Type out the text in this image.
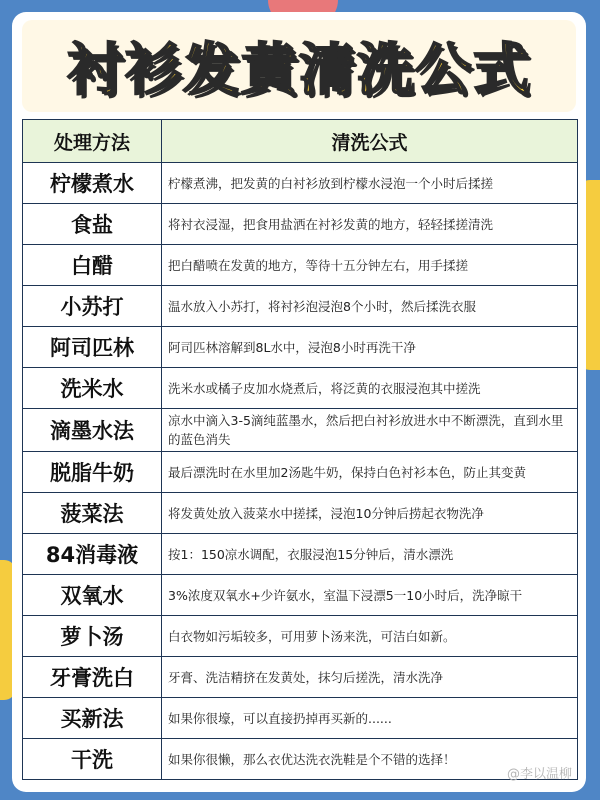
衬衫发黄清洗公式
处理方法	清洗公式
柠檬煮水	柠檬煮沸，把发黄的白衬衫放到柠檬水浸泡一个小时后揉搓
食盐	将衬衣浸湿，把食用盐洒在衬衫发黄的地方，轻轻揉搓清洗
白醋	把白醋喷在发黄的地方，等待十五分钟左右，用手揉搓
小苏打	温水放入小苏打，将衬衫泡浸泡8个小时，然后揉洗衣服
阿司匹林	阿司匹林溶解到8L水中，浸泡8小时再洗干净
洗米水	洗米水或橘子皮加水烧煮后，将泛黄的衣服浸泡其中搓洗
滴墨水法	凉水中滴入3-5滴纯蓝墨水，然后把白衬衫放进水中不断漂洗，直到水里的蓝色消失
脱脂牛奶	最后漂洗时在水里加2汤匙牛奶，保持白色衬衫本色，防止其变黄
菠菜法	将发黄处放入菠菜水中搓揉，浸泡10分钟后捞起衣物洗净
84消毒液	按1：150凉水调配，衣服浸泡15分钟后，清水漂洗
双氧水	3%浓度双氧水+少许氨水，室温下浸漂5一10小时后，洗净晾干
萝卜汤	白衣物如污垢较多，可用萝卜汤来洗，可洁白如新。
牙膏洗白	牙膏、洗洁精挤在发黄处，抹匀后搓洗，清水洗净
买新法	如果你很壕，可以直接扔掉再买新的......
干洗	如果你很懒，那么衣优达洗衣洗鞋是个不错的选择！
@李以温柳
